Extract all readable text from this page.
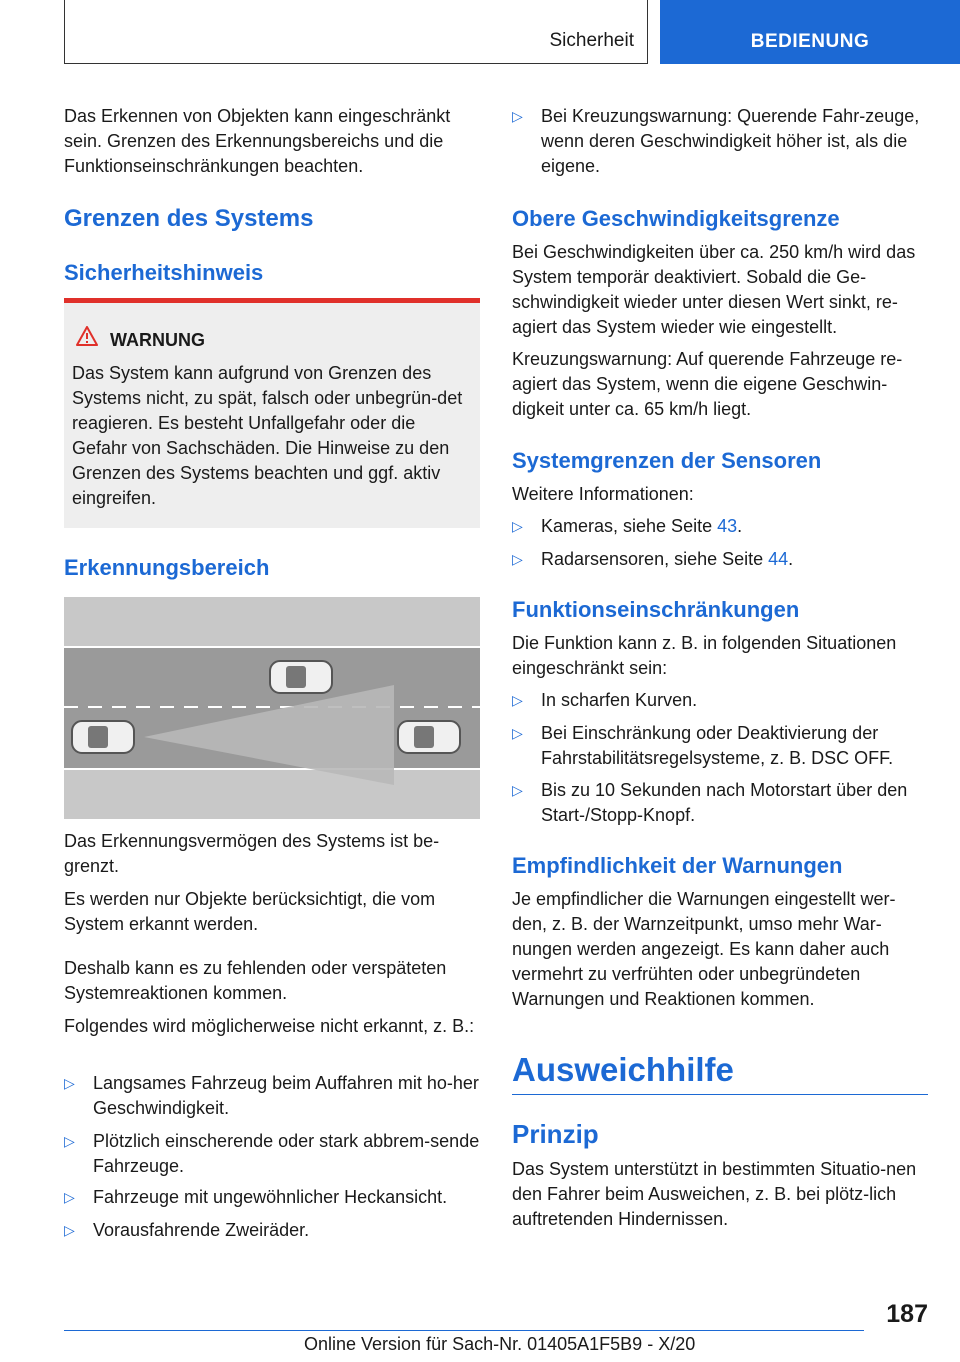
Sicherheit	BEDIENUNG

Das Erkennen von Objekten kann eingeschränkt sein. Grenzen des Erkennungsbereichs und die Funktionseinschränkungen beachten.

Grenzen des Systems
Sicherheitshinweis
WARNUNG

Das System kann aufgrund von Grenzen des Systems nicht, zu spät, falsch oder unbegrün-det reagieren. Es besteht Unfallgefahr oder die Gefahr von Sachschäden. Die Hinweise zu den Grenzen des Systems beachten und ggf. aktiv eingreifen.

Erkennungsbereich

Das Erkennungsvermögen des Systems ist be-grenzt.

Es werden nur Objekte berücksichtigt, die vom System erkannt werden.

Deshalb kann es zu fehlenden oder verspäteten Systemreaktionen kommen.

Folgendes wird möglicherweise nicht erkannt, z. B.:

▷ Langsames Fahrzeug beim Auffahren mit ho-her Geschwindigkeit.
▷ Plötzlich einscherende oder stark abbrem-sende Fahrzeuge.
▷ Fahrzeuge mit ungewöhnlicher Heckansicht.
▷ Vorausfahrende Zweiräder.
▷ Bei Kreuzungswarnung: Querende Fahr-zeuge, wenn deren Geschwindigkeit höher ist, als die eigene.
Obere Geschwindigkeitsgrenze

Bei Geschwindigkeiten über ca. 250 km/h wird das System temporär deaktiviert. Sobald die Ge-schwindigkeit wieder unter diesen Wert sinkt, re-agiert das System wieder wie eingestellt.

Kreuzungswarnung: Auf querende Fahrzeuge re-agiert das System, wenn die eigene Geschwin-digkeit unter ca. 65 km/h liegt.

Systemgrenzen der Sensoren

Weitere Informationen:

▷ Kameras, siehe Seite 43.
▷ Radarsensoren, siehe Seite 44.
Funktionseinschränkungen

Die Funktion kann z. B. in folgenden Situationen eingeschränkt sein:

▷ In scharfen Kurven.
▷ Bei Einschränkung oder Deaktivierung der Fahrstabilitätsregelsysteme, z. B. DSC OFF.
▷ Bis zu 10 Sekunden nach Motorstart über den Start-/Stopp-Knopf.
Empfindlichkeit der Warnungen

Je empfindlicher die Warnungen eingestellt wer-den, z. B. der Warnzeitpunkt, umso mehr War-nungen werden angezeigt. Es kann daher auch vermehrt zu verfrühten oder unbegründeten Warnungen und Reaktionen kommen.

Ausweichhilfe
Prinzip

Das System unterstützt in bestimmten Situatio-nen den Fahrer beim Ausweichen, z. B. bei plötz-lich auftretenden Hindernissen.

187
Online Version für Sach-Nr. 01405A1F5B9 - X/20
